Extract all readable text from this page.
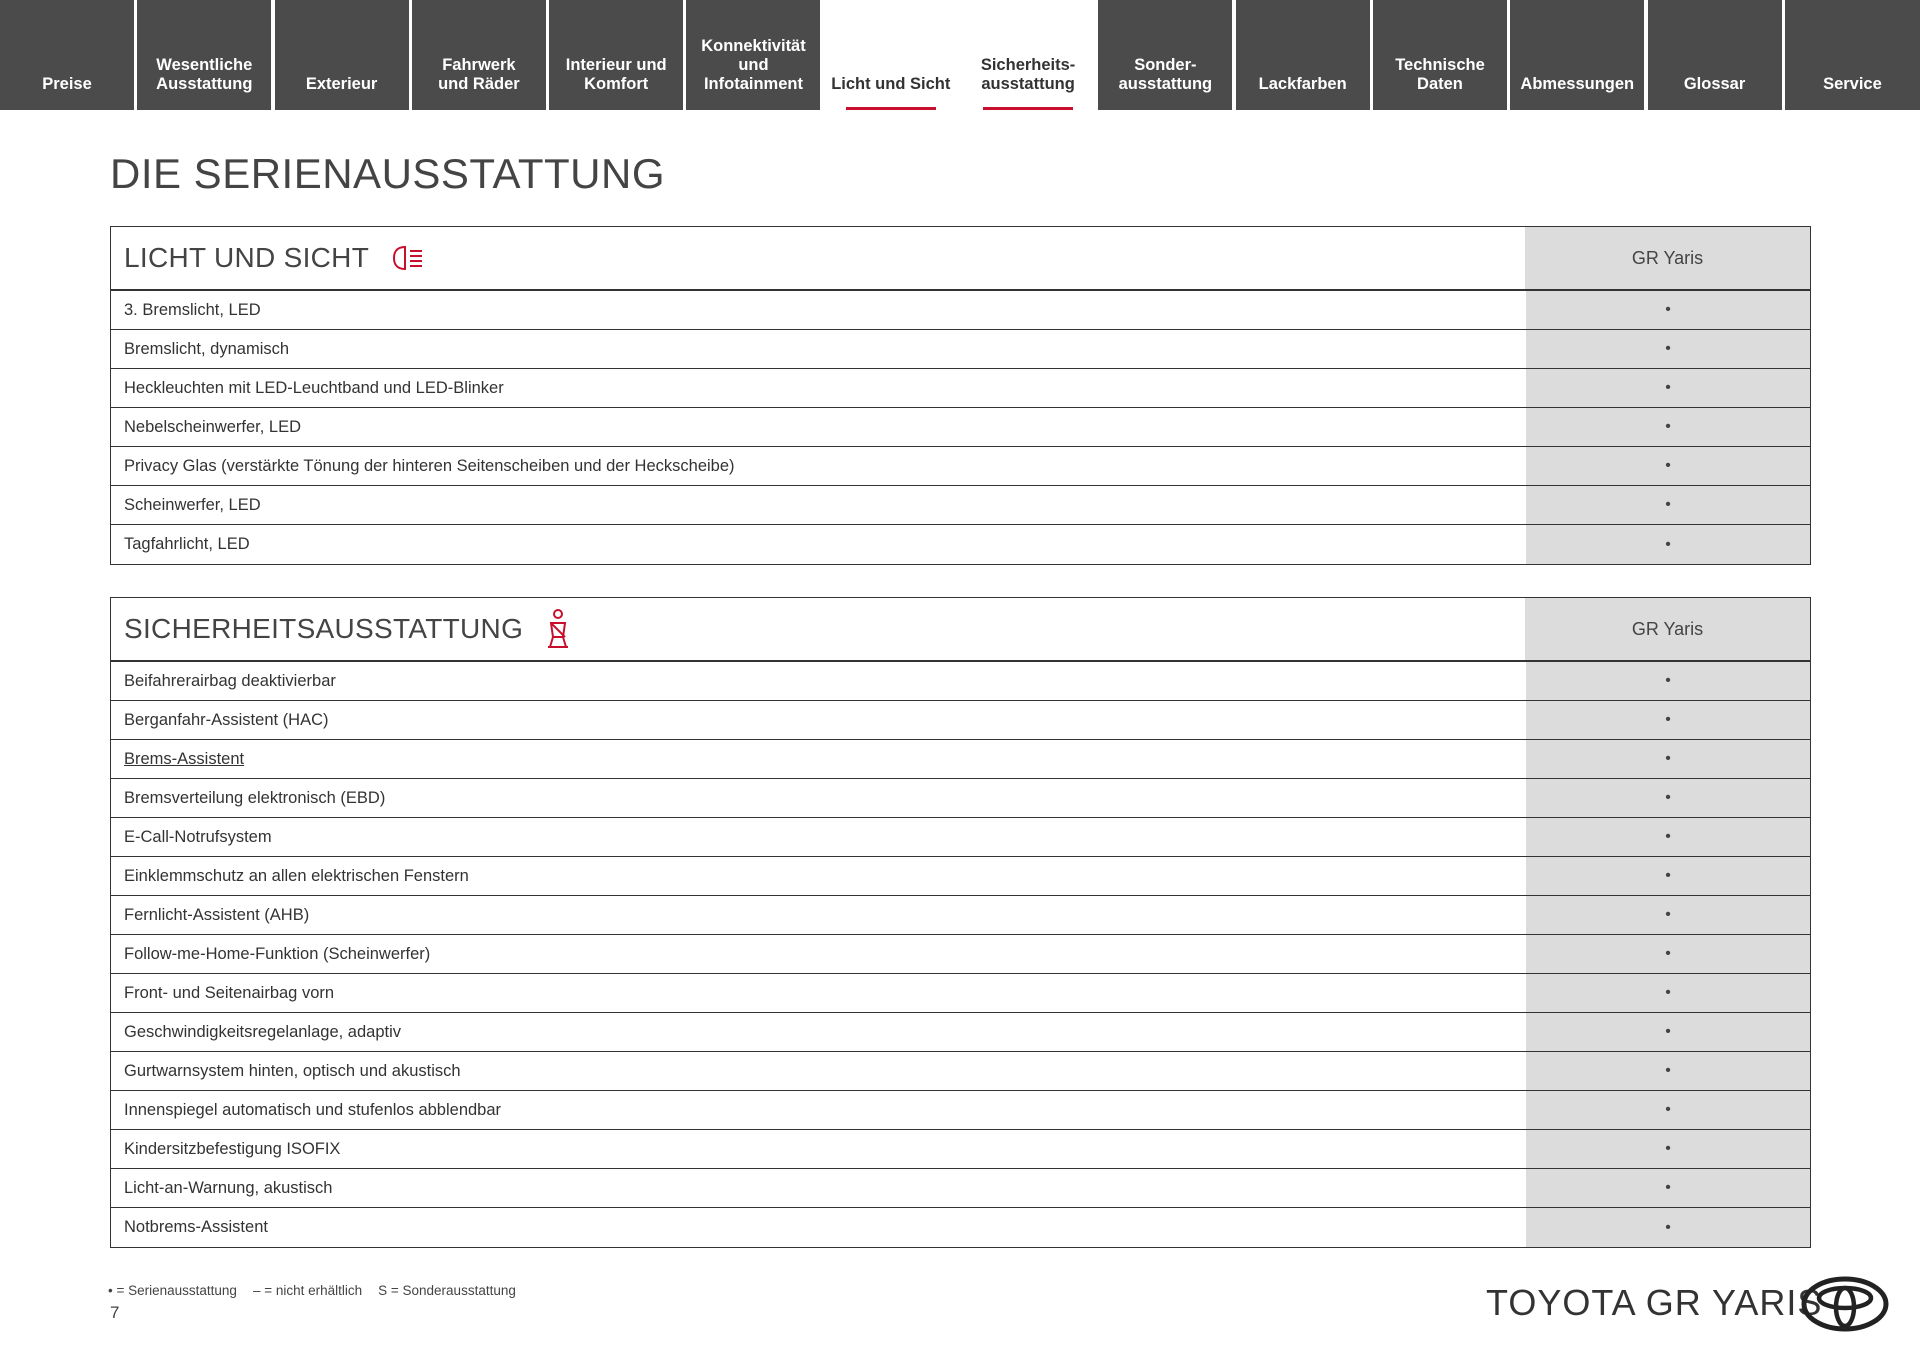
Preise
Wesentliche
Ausstattung	Exterieur
Fahrwerk
und Räder
Interieur und
Komfort
Konnektivität
und
Infotainment Licht und Sicht
Sicherheits-
ausstattung
Sonder-
ausstattung	Lackfarben
Technische
Daten	Abmessungen	Glossar	Service
DIE SERIENAUSSTATTUNG
LICHT UND SICHT	GR Yaris
3. Bremslicht, LED	•
Bremslicht, dynamisch	•
Heckleuchten mit LED-Leuchtband und LED-Blinker	•
Nebelscheinwerfer, LED	•
Privacy Glas (verstärkte Tönung der hinteren Seitenscheiben und der Heckscheibe)	•
Scheinwerfer, LED	•
Tagfahrlicht, LED	•
SICHERHEITSAUSSTATTUNG	GR Yaris
Beifahrerairbag deaktivierbar	•
Berganfahr-Assistent (HAC)	•
Brems-Assistent	•
Bremsverteilung elektronisch (EBD)	•
E-Call-Notrufsystem	•
Einklemmschutz an allen elektrischen Fenstern	•
Fernlicht-Assistent (AHB)	•
Follow-me-Home-Funktion (Scheinwerfer)	•
Front- und Seitenairbag vorn	•
Geschwindigkeitsregelanlage, adaptiv	•
Gurtwarnsystem hinten, optisch und akustisch	•
Innenspiegel automatisch und stufenlos abblendbar	•
Kindersitzbefestigung ISOFIX	•
Licht-an-Warnung, akustisch	•
Notbrems-Assistent	•
• = Serienausstattung – = nicht erhältlich S = Sonderausstattung
7	TOYOTA GR YARIS
